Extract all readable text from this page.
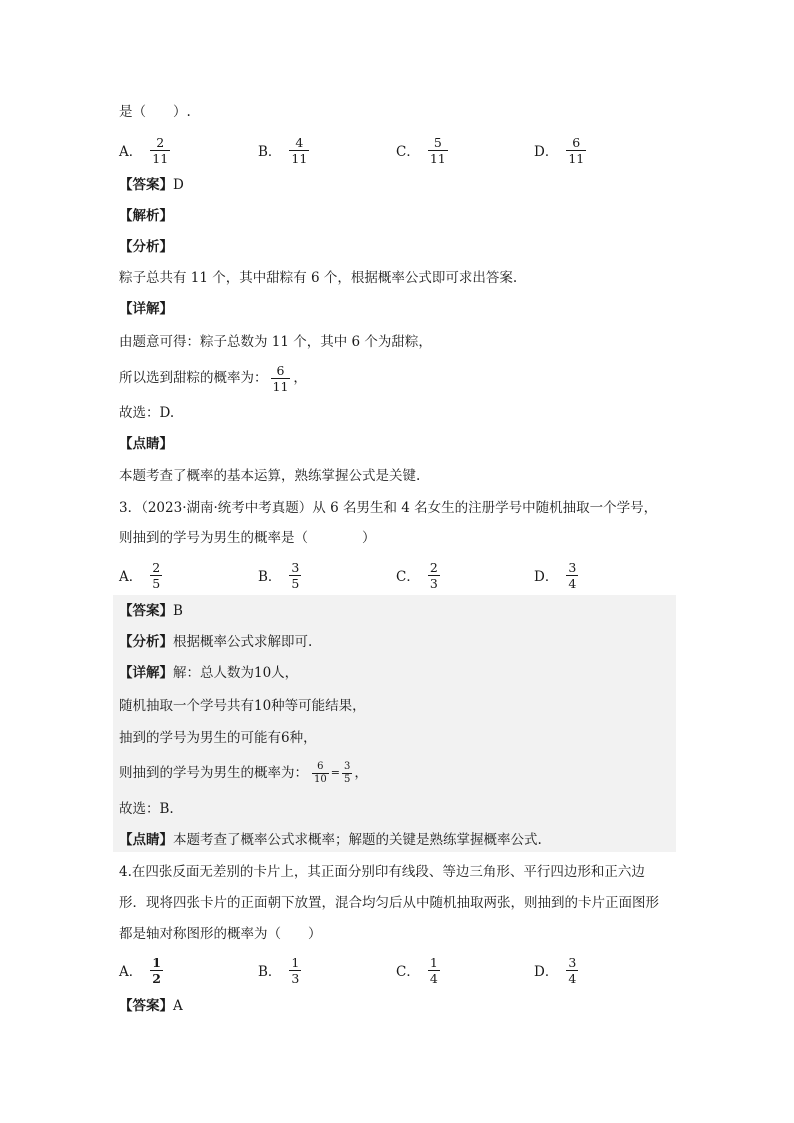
是（　　）.
A． $\frac{2}{11}$	B． $\frac{4}{11}$	C． $\frac{5}{11}$	D． $\frac{6}{11}$
【答案】D
【解析】
【分析】
粽子总共有 11 个，其中甜粽有 6 个，根据概率公式即可求出答案.
【详解】
由题意可得：粽子总数为 11 个，其中 6 个为甜粽，
所以选到甜粽的概率为： $\frac{6}{11}$ ，
故选：D.
【点睛】
本题考查了概率的基本运算，熟练掌握公式是关键.
3．（2023·湖南·统考中考真题）从 6 名男生和 4 名女生的注册学号中随机抽取一个学号，
则抽到的学号为男生的概率是（　　　　）
A． $\frac{2}{5}$	B． $\frac{3}{5}$	C． $\frac{2}{3}$	D． $\frac{3}{4}$
【答案】B
【分析】根据概率公式求解即可.
【详解】解：总人数为10人，
随机抽取一个学号共有10种等可能结果，
抽到的学号为男生的可能有6种，
则抽到的学号为男生的概率为： $\frac{6}{10} = \frac{3}{5}$ ，
故选：B.
【点睛】本题考查了概率公式求概率；解题的关键是熟练掌握概率公式.
4.在四张反面无差别的卡片上，其正面分别印有线段、等边三角形、平行四边形和正六边
形．现将四张卡片的正面朝下放置，混合均匀后从中随机抽取两张，则抽到的卡片正面图形
都是轴对称图形的概率为（　　）
A． $\frac{1}{2}$	B． $\frac{1}{3}$	C． $\frac{1}{4}$	D． $\frac{3}{4}$
【答案】A
